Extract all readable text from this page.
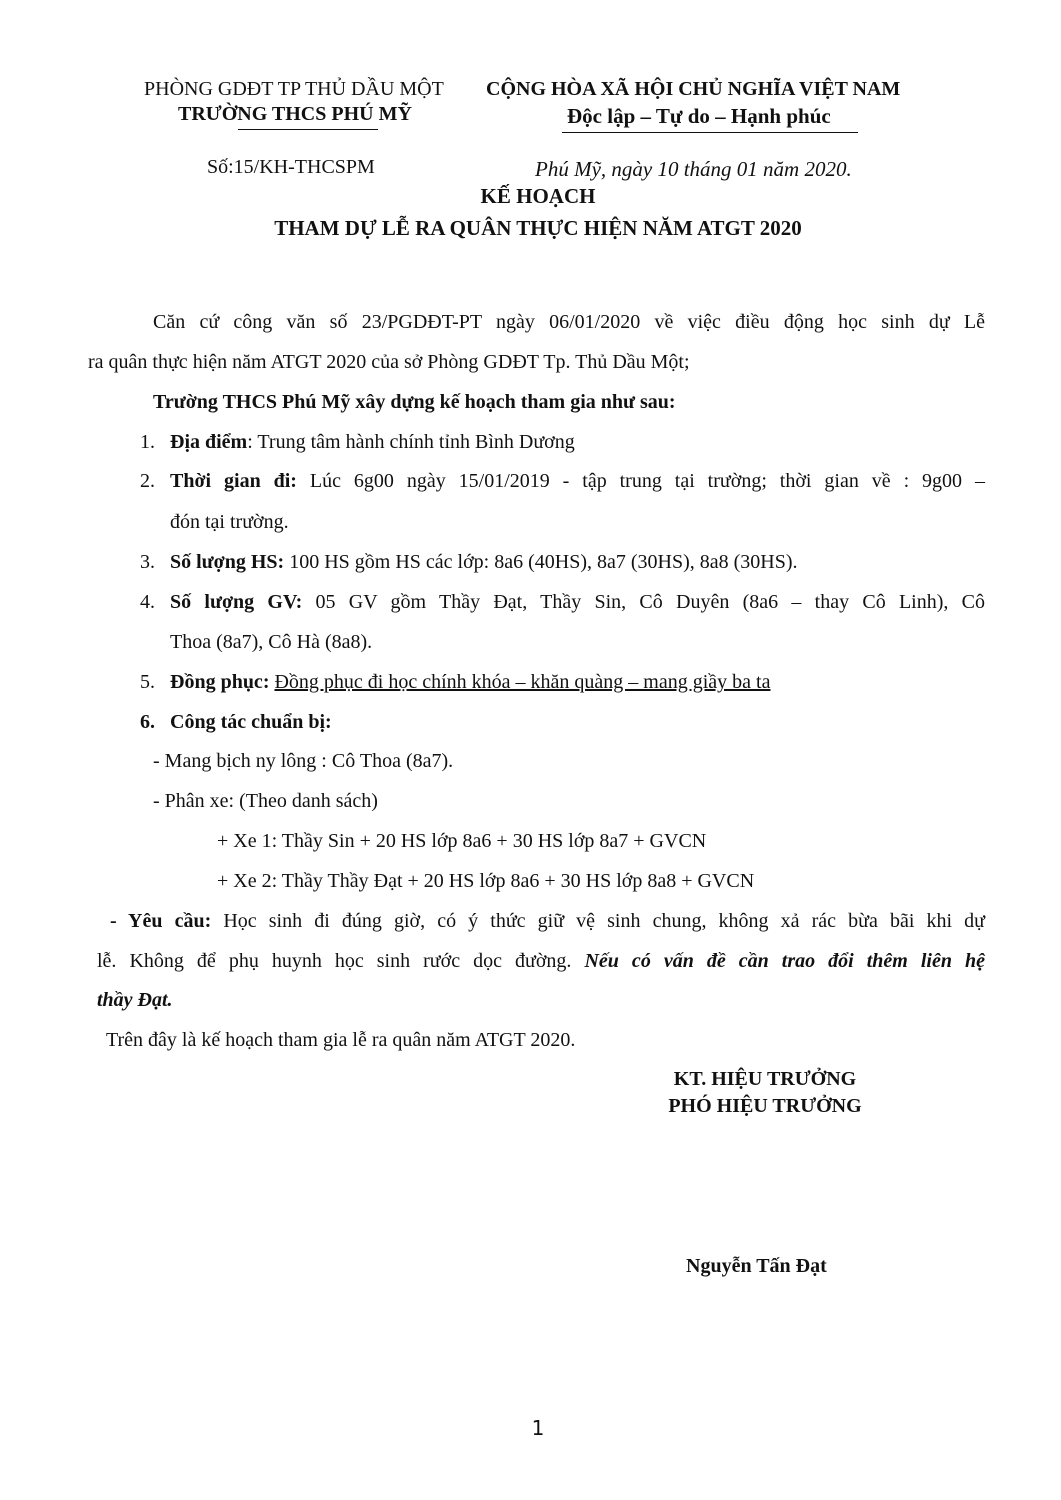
PHÒNG GDĐT TP THỦ DẦU MỘT
TRƯỜNG THCS PHÚ MỸ
CỘNG HÒA XÃ HỘI CHỦ NGHĨA VIỆT NAM
Độc lập – Tự do – Hạnh phúc
Số:15/KH-THCSPM	Phú Mỹ, ngày 10 tháng 01 năm 2020.
KẾ HOẠCH
THAM DỰ LỄ RA QUÂN THỰC HIỆN NĂM ATGT 2020
Căn cứ công văn số 23/PGDĐT-PT ngày 06/01/2020 về việc điều động học sinh dự Lễ
ra quân thực hiện năm ATGT 2020 của sở Phòng GDĐT Tp. Thủ Dầu Một;
Trường THCS Phú Mỹ xây dựng kế hoạch tham gia như sau:
1. Địa điểm: Trung tâm hành chính tỉnh Bình Dương
2. Thời gian đi: Lúc 6g00 ngày 15/01/2019 - tập trung tại trường; thời gian về : 9g00 –
đón tại trường.
3. Số lượng HS: 100 HS gồm HS các lớp: 8a6 (40HS), 8a7 (30HS), 8a8 (30HS).
4. Số lượng GV: 05 GV gồm Thầy Đạt, Thầy Sin, Cô Duyên (8a6 – thay Cô Linh), Cô
Thoa (8a7), Cô Hà (8a8).
5. Đồng phục: Đồng phục đi học chính khóa – khăn quàng – mang giầy ba ta
6. Công tác chuẩn bị:
- Mang bịch ny lông : Cô Thoa (8a7).
- Phân xe: (Theo danh sách)
+ Xe 1: Thầy Sin + 20 HS lớp 8a6 + 30 HS lớp 8a7 + GVCN
+ Xe 2: Thầy Thầy Đạt + 20 HS lớp 8a6 + 30 HS lớp 8a8 + GVCN
- Yêu cầu: Học sinh đi đúng giờ, có ý thức giữ vệ sinh chung, không xả rác bừa bãi khi dự
lễ. Không để phụ huynh học sinh rước dọc đường. Nếu có vấn đề cần trao đổi thêm liên hệ
thầy Đạt.
Trên đây là kế hoạch tham gia lễ ra quân năm ATGT 2020.
KT. HIỆU TRƯỞNG
PHÓ HIỆU TRƯỞNG
Nguyễn Tấn Đạt
1
